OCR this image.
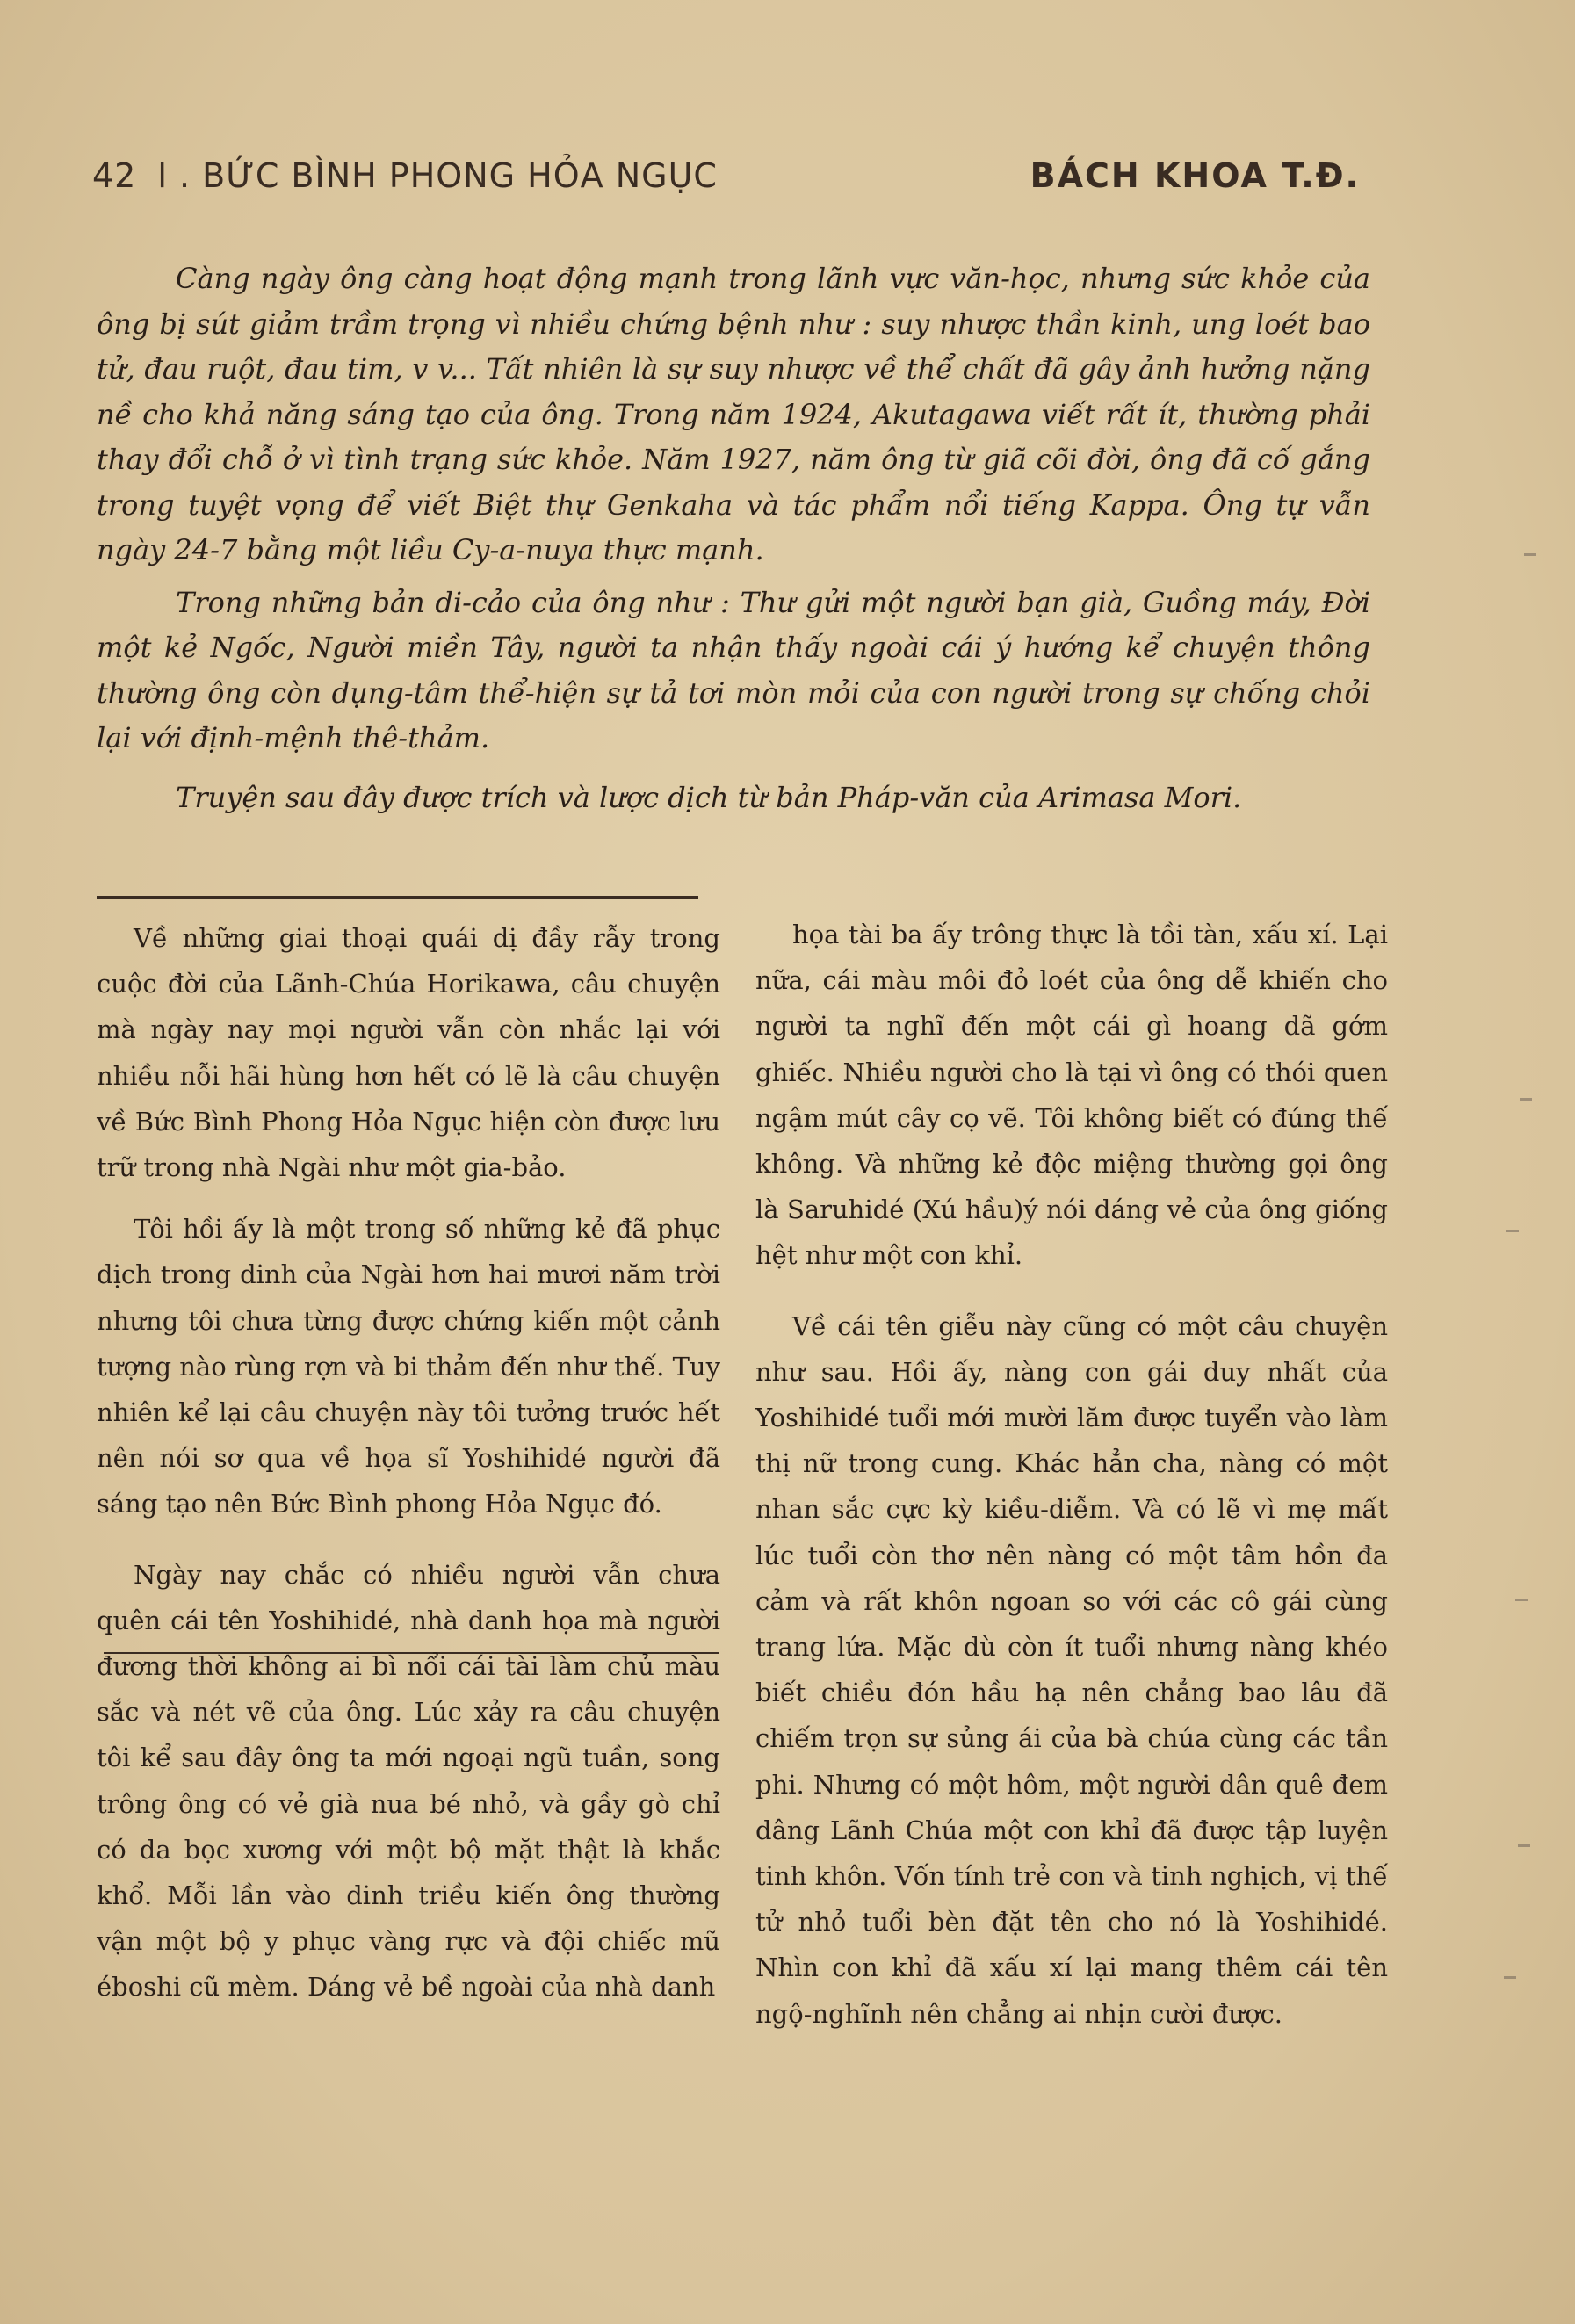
42 l . BỨC BÌNH PHONG HỎA NGỤC	BÁCH KHOA T.Đ.

Càng ngày ông càng hoạt động mạnh trong lãnh vực văn-học, nhưng sức khỏe của ông bị sút giảm trầm trọng vì nhiều chứng bệnh như : suy nhược thần kinh, ung loét bao tử, đau ruột, đau tim, v v... Tất nhiên là sự suy nhược về thể chất đã gây ảnh hưởng nặng nề cho khả năng sáng tạo của ông. Trong năm 1924, Akutagawa viết rất ít, thường phải thay đổi chỗ ở vì tình trạng sức khỏe. Năm 1927, năm ông từ giã cõi đời, ông đã cố gắng trong tuyệt vọng để viết Biệt thự Genkaha và tác phẩm nổi tiếng Kappa. Ông tự vẫn ngày 24-7 bằng một liều Cy-a-nuya thực mạnh.

Trong những bản di-cảo của ông như : Thư gửi một người bạn già, Guồng máy, Đời một kẻ Ngốc, Người miền Tây, người ta nhận thấy ngoài cái ý hướng kể chuyện thông thường ông còn dụng-tâm thể-hiện sự tả tơi mòn mỏi của con người trong sự chống chỏi lại với định-mệnh thê-thảm.

Truyện sau đây được trích và lược dịch từ bản Pháp-văn của Arimasa Mori.

Về những giai thoại quái dị đầy rẫy trong cuộc đời của Lãnh-Chúa Horikawa, câu chuyện mà ngày nay mọi người vẫn còn nhắc lại với nhiều nỗi hãi hùng hơn hết có lẽ là câu chuyện về Bức Bình Phong Hỏa Ngục hiện còn được lưu trữ trong nhà Ngài như một gia-bảo.

Tôi hồi ấy là một trong số những kẻ đã phục dịch trong dinh của Ngài hơn hai mươi năm trời nhưng tôi chưa từng được chứng kiến một cảnh tượng nào rùng rợn và bi thảm đến như thế. Tuy nhiên kể lại câu chuyện này tôi tưởng trước hết nên nói sơ qua về họa sĩ Yoshihidé người đã sáng tạo nên Bức Bình phong Hỏa Ngục đó.

Ngày nay chắc có nhiều người vẫn chưa quên cái tên Yoshihidé, nhà danh họa mà người đương thời không ai bì nổi cái tài làm chủ màu sắc và nét vẽ của ông. Lúc xảy ra câu chuyện tôi kể sau đây ông ta mới ngoại ngũ tuần, song trông ông có vẻ già nua bé nhỏ, và gầy gò chỉ có da bọc xương với một bộ mặt thật là khắc khổ. Mỗi lần vào dinh triều kiến ông thường vận một bộ y phục vàng rực và đội chiếc mũ éboshi cũ mèm. Dáng vẻ bề ngoài của nhà danh

họa tài ba ấy trông thực là tồi tàn, xấu xí. Lại nữa, cái màu môi đỏ loét của ông dễ khiến cho người ta nghĩ đến một cái gì hoang dã gớm ghiếc. Nhiều người cho là tại vì ông có thói quen ngậm mút cây cọ vẽ. Tôi không biết có đúng thế không. Và những kẻ độc miệng thường gọi ông là Saruhidé (Xú hầu)ý nói dáng vẻ của ông giống hệt như một con khỉ.

Về cái tên giễu này cũng có một câu chuyện như sau. Hồi ấy, nàng con gái duy nhất của Yoshihidé tuổi mới mười lăm được tuyển vào làm thị nữ trong cung. Khác hẳn cha, nàng có một nhan sắc cực kỳ kiều-diễm. Và có lẽ vì mẹ mất lúc tuổi còn thơ nên nàng có một tâm hồn đa cảm và rất khôn ngoan so với các cô gái cùng trang lứa. Mặc dù còn ít tuổi nhưng nàng khéo biết chiều đón hầu hạ nên chẳng bao lâu đã chiếm trọn sự sủng ái của bà chúa cùng các tần phi. Nhưng có một hôm, một người dân quê đem dâng Lãnh Chúa một con khỉ đã được tập luyện tinh khôn. Vốn tính trẻ con và tinh nghịch, vị thế tử nhỏ tuổi bèn đặt tên cho nó là Yoshihidé. Nhìn con khỉ đã xấu xí lại mang thêm cái tên ngộ-nghĩnh nên chẳng ai nhịn cười được.
